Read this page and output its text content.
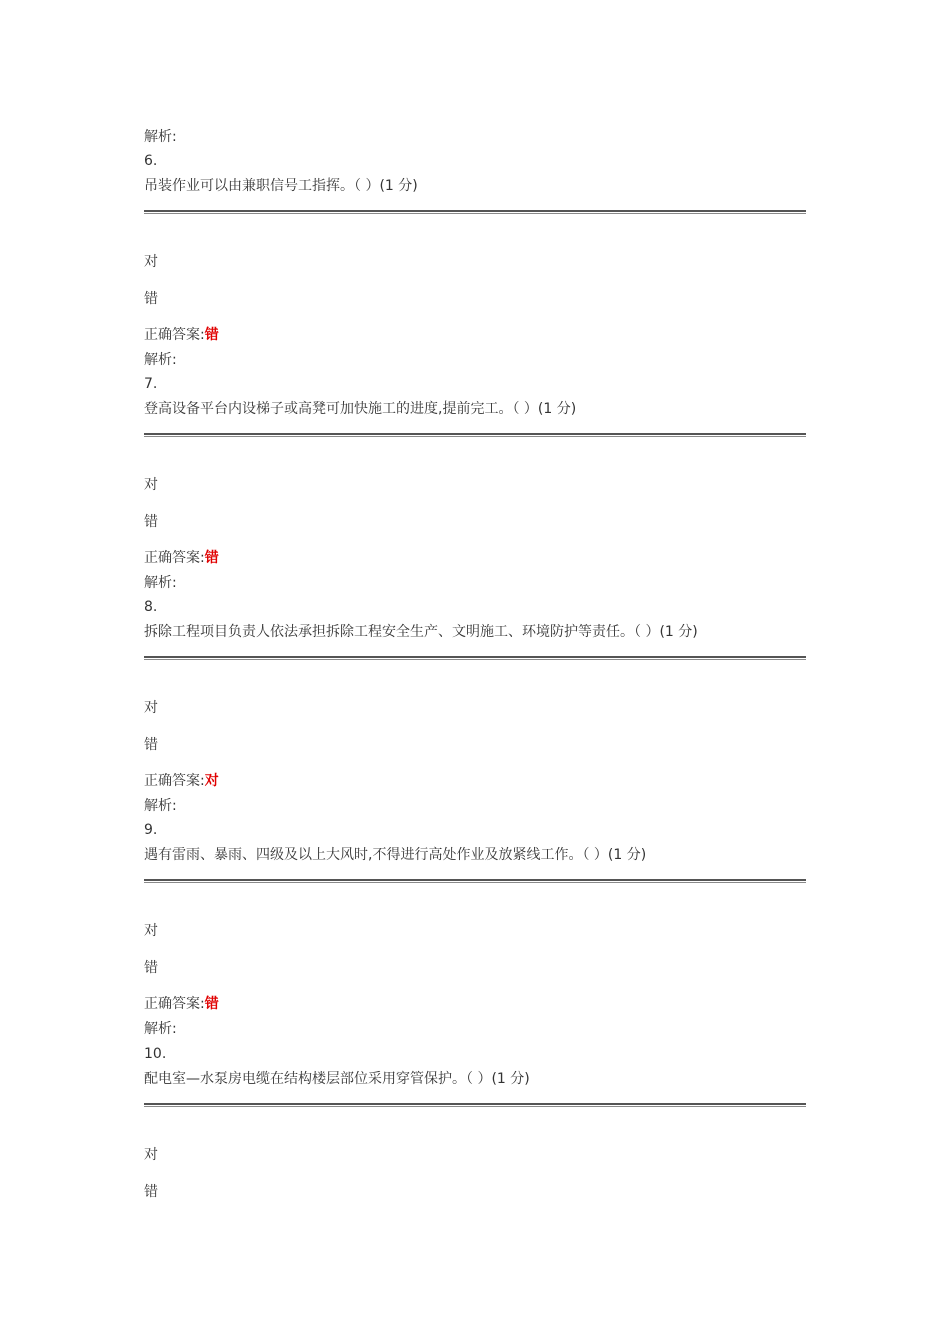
解析:
6.
吊装作业可以由兼职信号工指挥。（ ）(1 分)
对
错
正确答案:错
解析:
7.
登高设备平台内设梯子或高凳可加快施工的进度,提前完工。（ ）(1 分)
对
错
正确答案:错
解析:
8.
拆除工程项目负责人依法承担拆除工程安全生产、文明施工、环境防护等责任。（ ）(1 分)
对
错
正确答案:对
解析:
9.
遇有雷雨、暴雨、四级及以上大风时,不得进行高处作业及放紧线工作。（ ）(1 分)
对
错
正确答案:错
解析:
10.
配电室—水泵房电缆在结构楼层部位采用穿管保护。（ ）(1 分)
对
错
